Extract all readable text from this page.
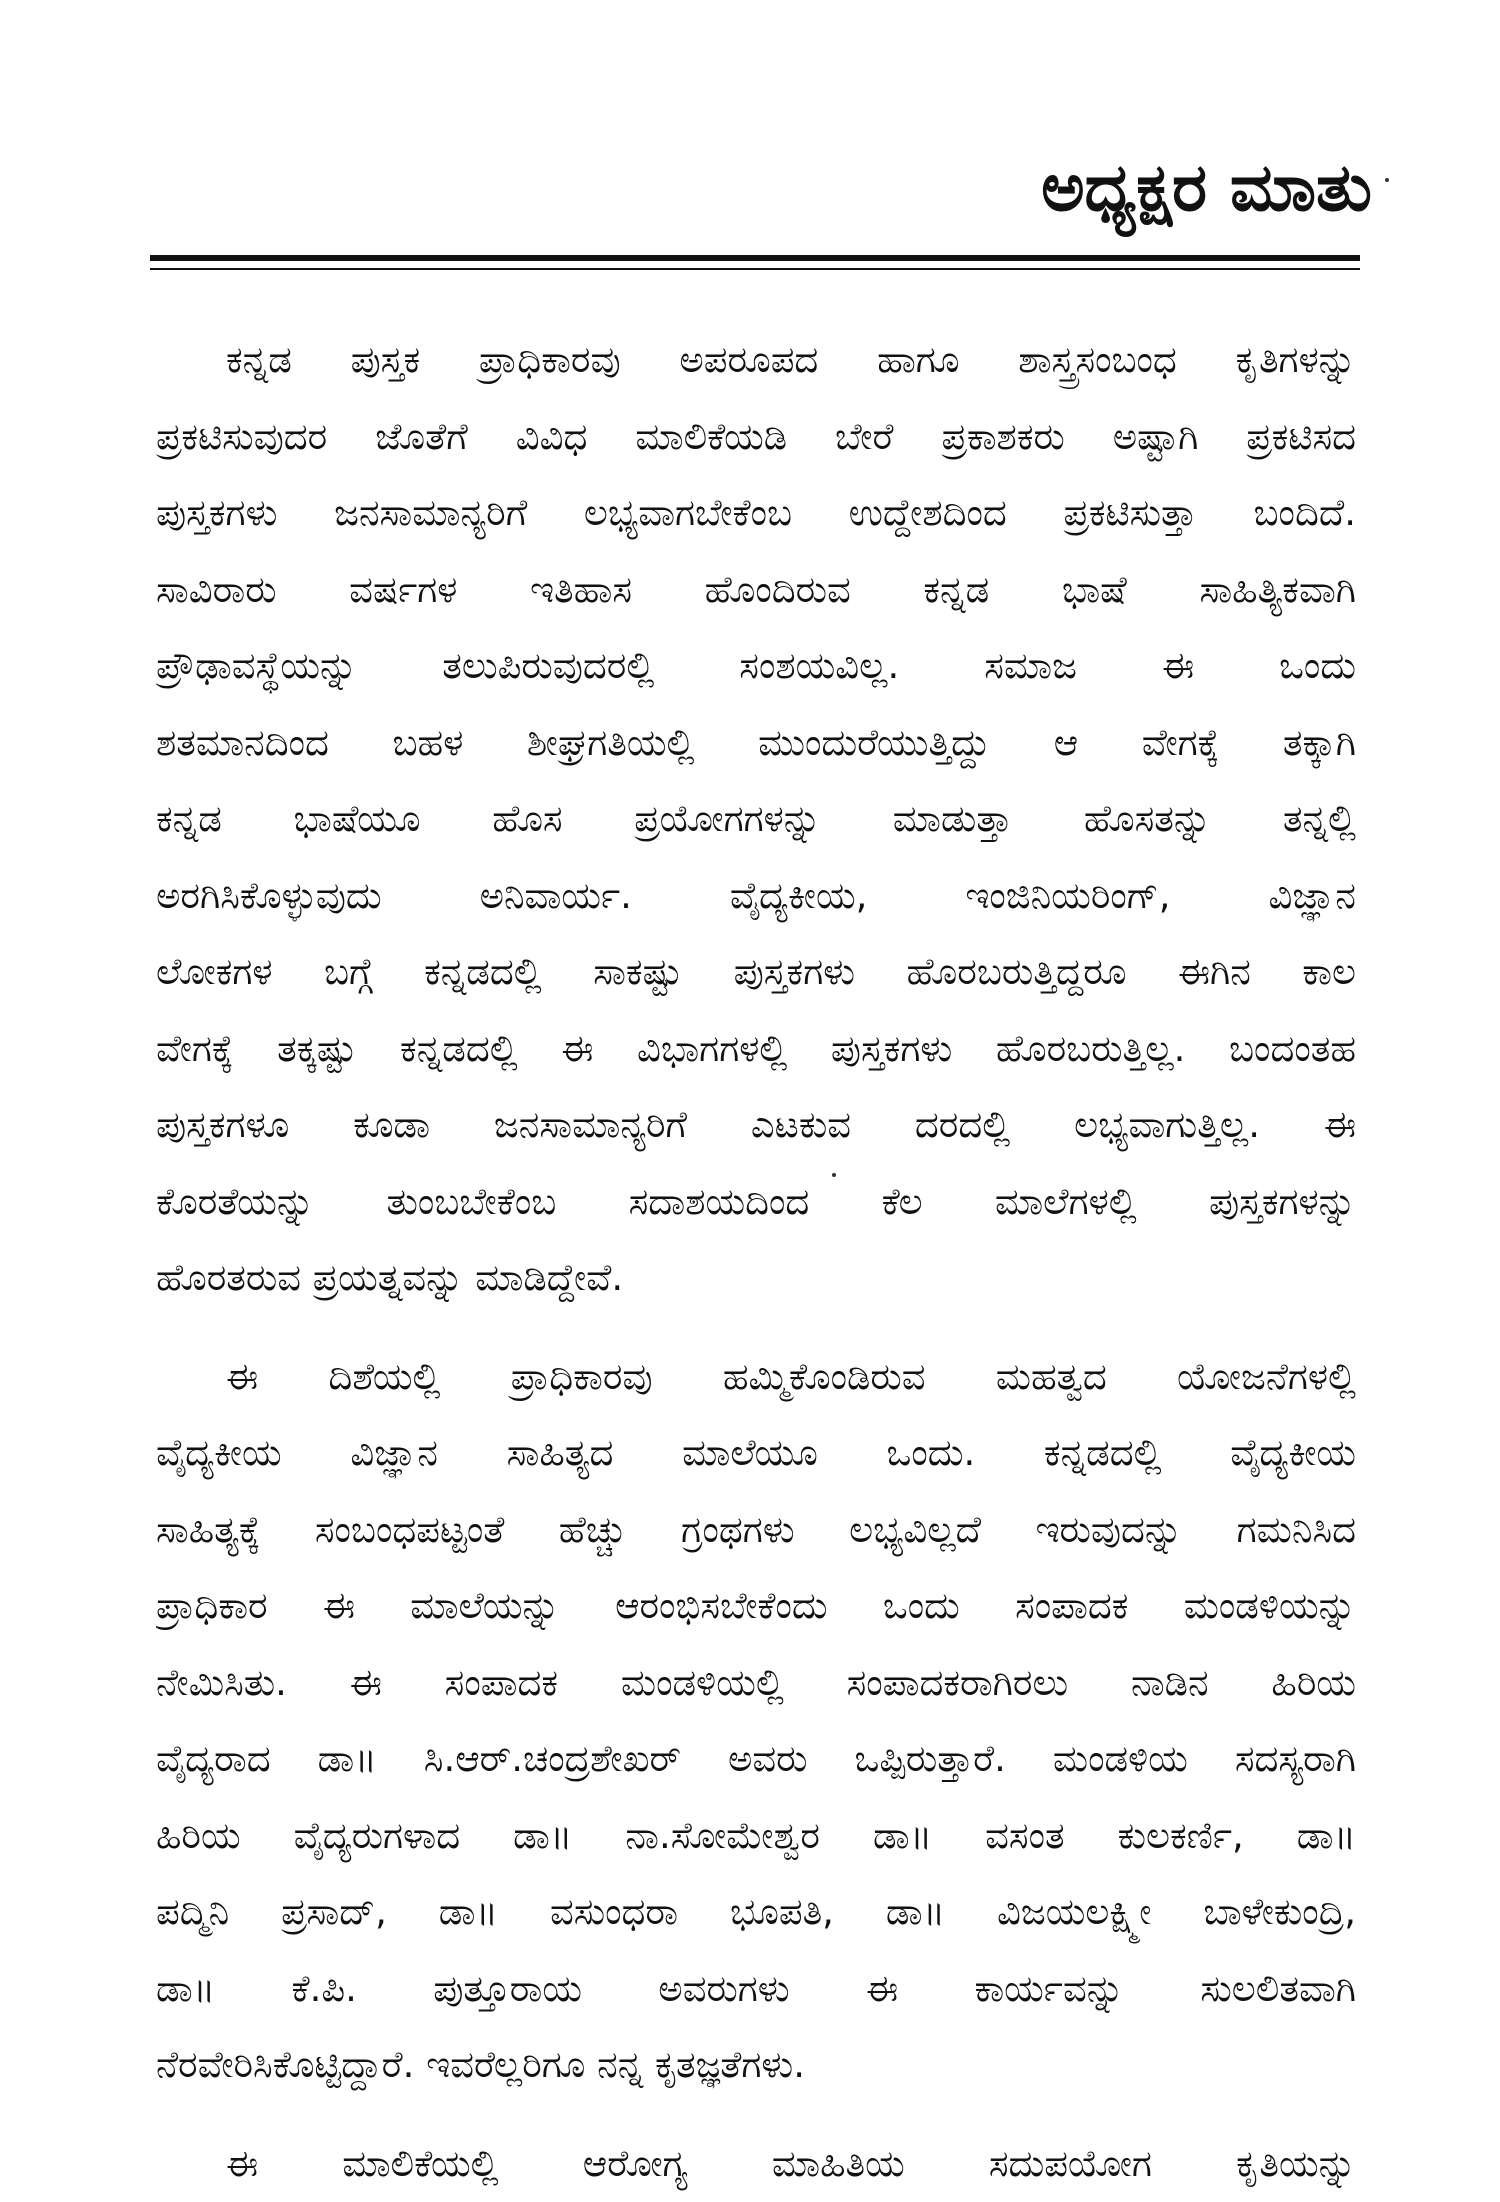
ಅಧ್ಯಕ್ಷರ ಮಾತು
ಕನ್ನಡ ಪುಸ್ತಕ ಪ್ರಾಧಿಕಾರವು ಅಪರೂಪದ ಹಾಗೂ ಶಾಸ್ತ್ರಸಂಬಂಧ ಕೃತಿಗಳನ್ನು
ಪ್ರಕಟಿಸುವುದರ ಜೊತೆಗೆ ವಿವಿಧ ಮಾಲಿಕೆಯಡಿ ಬೇರೆ ಪ್ರಕಾಶಕರು ಅಷ್ಟಾಗಿ ಪ್ರಕಟಿಸದ
ಪುಸ್ತಕಗಳು ಜನಸಾಮಾನ್ಯರಿಗೆ ಲಭ್ಯವಾಗಬೇಕೆಂಬ ಉದ್ದೇಶದಿಂದ ಪ್ರಕಟಿಸುತ್ತಾ ಬಂದಿದೆ.
ಸಾವಿರಾರು ವರ್ಷಗಳ ಇತಿಹಾಸ ಹೊಂದಿರುವ ಕನ್ನಡ ಭಾಷೆ ಸಾಹಿತ್ಯಿಕವಾಗಿ
ಪ್ರೌಢಾವಸ್ಥೆಯನ್ನು ತಲುಪಿರುವುದರಲ್ಲಿ ಸಂಶಯವಿಲ್ಲ. ಸಮಾಜ ಈ ಒಂದು
ಶತಮಾನದಿಂದ ಬಹಳ ಶೀಘ್ರಗತಿಯಲ್ಲಿ ಮುಂದುರೆಯುತ್ತಿದ್ದು ಆ ವೇಗಕ್ಕೆ ತಕ್ಕಾಗಿ
ಕನ್ನಡ ಭಾಷೆಯೂ ಹೊಸ ಪ್ರಯೋಗಗಳನ್ನು ಮಾಡುತ್ತಾ ಹೊಸತನ್ನು ತನ್ನಲ್ಲಿ
ಅರಗಿಸಿಕೊಳ್ಳುವುದು ಅನಿವಾರ್ಯ. ವೈದ್ಯಕೀಯ, ಇಂಜಿನಿಯರಿಂಗ್, ವಿಜ್ಞಾನ
ಲೋಕಗಳ ಬಗ್ಗೆ ಕನ್ನಡದಲ್ಲಿ ಸಾಕಷ್ಟು ಪುಸ್ತಕಗಳು ಹೊರಬರುತ್ತಿದ್ದರೂ ಈಗಿನ ಕಾಲ
ವೇಗಕ್ಕೆ ತಕ್ಕಷ್ಟು ಕನ್ನಡದಲ್ಲಿ ಈ ವಿಭಾಗಗಳಲ್ಲಿ ಪುಸ್ತಕಗಳು ಹೊರಬರುತ್ತಿಲ್ಲ. ಬಂದಂತಹ
ಪುಸ್ತಕಗಳೂ ಕೂಡಾ ಜನಸಾಮಾನ್ಯರಿಗೆ ಎಟಕುವ ದರದಲ್ಲಿ ಲಭ್ಯವಾಗುತ್ತಿಲ್ಲ. ಈ
ಕೊರತೆಯನ್ನು ತುಂಬಬೇಕೆಂಬ ಸದಾಶಯದಿಂದ ಕೆಲ ಮಾಲೆಗಳಲ್ಲಿ ಪುಸ್ತಕಗಳನ್ನು
ಹೊರತರುವ ಪ್ರಯತ್ನವನ್ನು ಮಾಡಿದ್ದೇವೆ.
ಈ ದಿಶೆಯಲ್ಲಿ ಪ್ರಾಧಿಕಾರವು ಹಮ್ಮಿಕೊಂಡಿರುವ ಮಹತ್ವದ ಯೋಜನೆಗಳಲ್ಲಿ
ವೈದ್ಯಕೀಯ ವಿಜ್ಞಾನ ಸಾಹಿತ್ಯದ ಮಾಲೆಯೂ ಒಂದು. ಕನ್ನಡದಲ್ಲಿ ವೈದ್ಯಕೀಯ
ಸಾಹಿತ್ಯಕ್ಕೆ ಸಂಬಂಧಪಟ್ಟಂತೆ ಹೆಚ್ಚು ಗ್ರಂಥಗಳು ಲಭ್ಯವಿಲ್ಲದೆ ಇರುವುದನ್ನು ಗಮನಿಸಿದ
ಪ್ರಾಧಿಕಾರ ಈ ಮಾಲೆಯನ್ನು ಆರಂಭಿಸಬೇಕೆಂದು ಒಂದು ಸಂಪಾದಕ ಮಂಡಳಿಯನ್ನು
ನೇಮಿಸಿತು. ಈ ಸಂಪಾದಕ ಮಂಡಳಿಯಲ್ಲಿ ಸಂಪಾದಕರಾಗಿರಲು ನಾಡಿನ ಹಿರಿಯ
ವೈದ್ಯರಾದ ಡಾ॥ ಸಿ.ಆರ್.ಚಂದ್ರಶೇಖರ್ ಅವರು ಒಪ್ಪಿರುತ್ತಾರೆ. ಮಂಡಳಿಯ ಸದಸ್ಯರಾಗಿ
ಹಿರಿಯ ವೈದ್ಯರುಗಳಾದ ಡಾ॥ ನಾ.ಸೋಮೇಶ್ವರ ಡಾ॥ ವಸಂತ ಕುಲಕರ್ಣಿ, ಡಾ॥
ಪದ್ಮಿನಿ ಪ್ರಸಾದ್, ಡಾ॥ ವಸುಂಧರಾ ಭೂಪತಿ, ಡಾ॥ ವಿಜಯಲಕ್ಷ್ಮೀ ಬಾಳೇಕುಂದ್ರಿ,
ಡಾ॥ ಕೆ.ಪಿ. ಪುತ್ತೂರಾಯ ಅವರುಗಳು ಈ ಕಾರ್ಯವನ್ನು ಸುಲಲಿತವಾಗಿ
ನೆರವೇರಿಸಿಕೊಟ್ಟಿದ್ದಾರೆ. ಇವರೆಲ್ಲರಿಗೂ ನನ್ನ ಕೃತಜ್ಞತೆಗಳು.
ಈ ಮಾಲಿಕೆಯಲ್ಲಿ ಆರೋಗ್ಯ ಮಾಹಿತಿಯ ಸದುಪಯೋಗ ಕೃತಿಯನ್ನು
